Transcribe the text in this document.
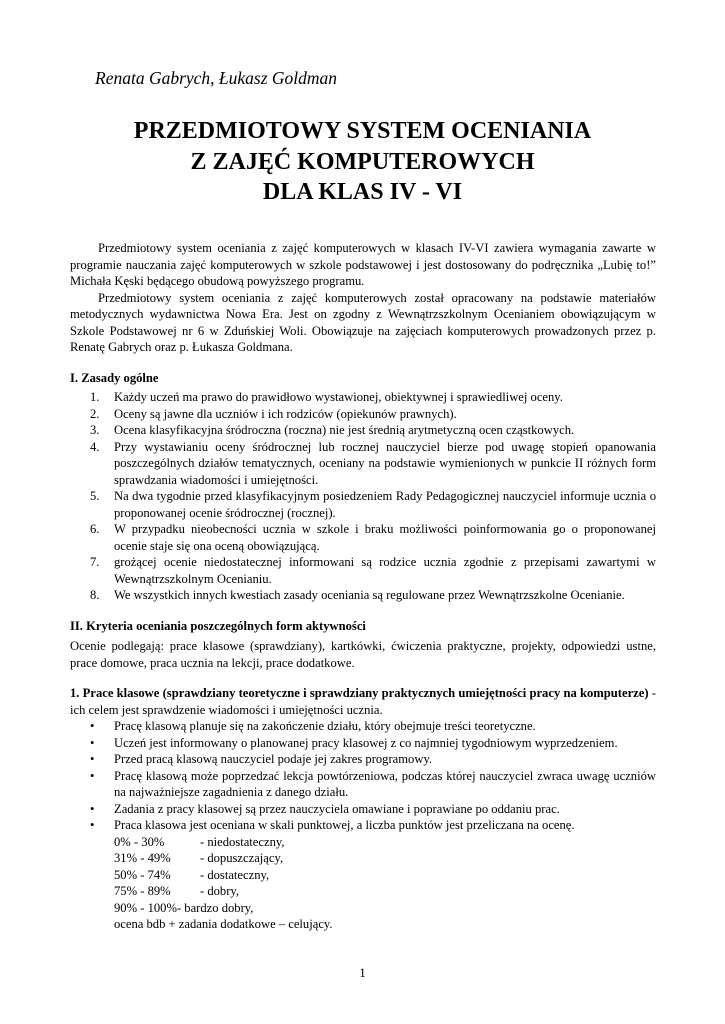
Renata Gabrych, Łukasz Goldman
PRZEDMIOTOWY SYSTEM OCENIANIA
Z ZAJĘĆ KOMPUTEROWYCH
DLA KLAS IV - VI

Przedmiotowy system oceniania z zajęć komputerowych w klasach IV-VI zawiera wymagania zawarte w programie nauczania zajęć komputerowych w szkole podstawowej i jest dostosowany do podręcznika „Lubię to!” Michała Kęski będącego obudową powyższego programu.

Przedmiotowy system oceniania z zajęć komputerowych został opracowany na podstawie materiałów metodycznych wydawnictwa Nowa Era. Jest on zgodny z Wewnątrzszkolnym Ocenianiem obowiązującym w Szkole Podstawowej nr 6 w Zduńskiej Woli. Obowiązuje na zajęciach komputerowych prowadzonych przez p. Renatę Gabrych oraz p. Łukasza Goldmana.

I. Zasady ogólne

1. Każdy uczeń ma prawo do prawidłowo wystawionej, obiektywnej i sprawiedliwej oceny.
2. Oceny są jawne dla uczniów i ich rodziców (opiekunów prawnych).
3. Ocena klasyfikacyjna śródroczna (roczna) nie jest średnią arytmetyczną ocen cząstkowych.
4. Przy wystawianiu oceny śródrocznej lub rocznej nauczyciel bierze pod uwagę stopień opanowania poszczególnych działów tematycznych, oceniany na podstawie wymienionych w punkcie II różnych form sprawdzania wiadomości i umiejętności.
5. Na dwa tygodnie przed klasyfikacyjnym posiedzeniem Rady Pedagogicznej nauczyciel informuje ucznia o proponowanej ocenie śródrocznej (rocznej).
6. W przypadku nieobecności ucznia w szkole i braku możliwości poinformowania go o proponowanej ocenie staje się ona oceną obowiązującą.
7. grożącej ocenie niedostatecznej informowani są rodzice ucznia zgodnie z przepisami zawartymi w Wewnątrzszkolnym Ocenianiu.
8. We wszystkich innych kwestiach zasady oceniania są regulowane przez Wewnątrzszkolne Ocenianie.

II. Kryteria oceniania poszczególnych form aktywności

Ocenie podlegają: prace klasowe (sprawdziany), kartkówki, ćwiczenia praktyczne, projekty, odpowiedzi ustne, prace domowe, praca ucznia na lekcji, prace dodatkowe.

1. Prace klasowe (sprawdziany teoretyczne i sprawdziany praktycznych umiejętności pracy na komputerze) - ich celem jest sprawdzenie wiadomości i umiejętności ucznia.

• Pracę klasową planuje się na zakończenie działu, który obejmuje treści teoretyczne.
• Uczeń jest informowany o planowanej pracy klasowej z co najmniej tygodniowym wyprzedzeniem.
• Przed pracą klasową nauczyciel podaje jej zakres programowy.
• Pracę klasową może poprzedzać lekcja powtórzeniowa, podczas której nauczyciel zwraca uwagę uczniów na najważniejsze zagadnienia z danego działu.
• Zadania z pracy klasowej są przez nauczyciela omawiane i poprawiane po oddaniu prac.
• Praca klasowa jest oceniana w skali punktowej, a liczba punktów jest przeliczana na ocenę.
0% - 30%	- niedostateczny,
31% - 49% - dopuszczający,
50% - 74% - dostateczny,
75% - 89% - dobry,
90% - 100%- bardzo dobry,
ocena bdb + zadania dodatkowe – celujący.
1
